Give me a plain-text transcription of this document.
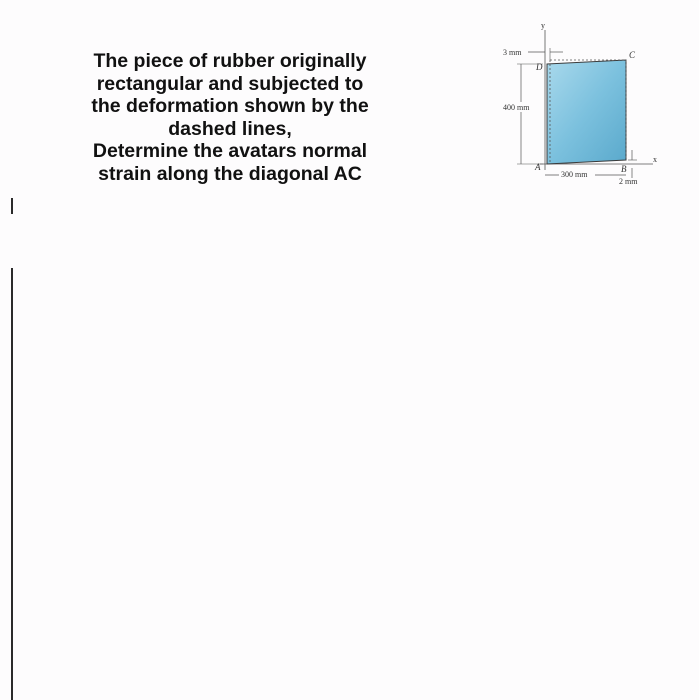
The piece of rubber originally
rectangular and subjected to
the deformation shown by the
dashed lines,
Determine the avatars normal
strain along the diagonal AC
y
x
3 mm
400 mm
300 mm
2 mm
A	B
C
D
